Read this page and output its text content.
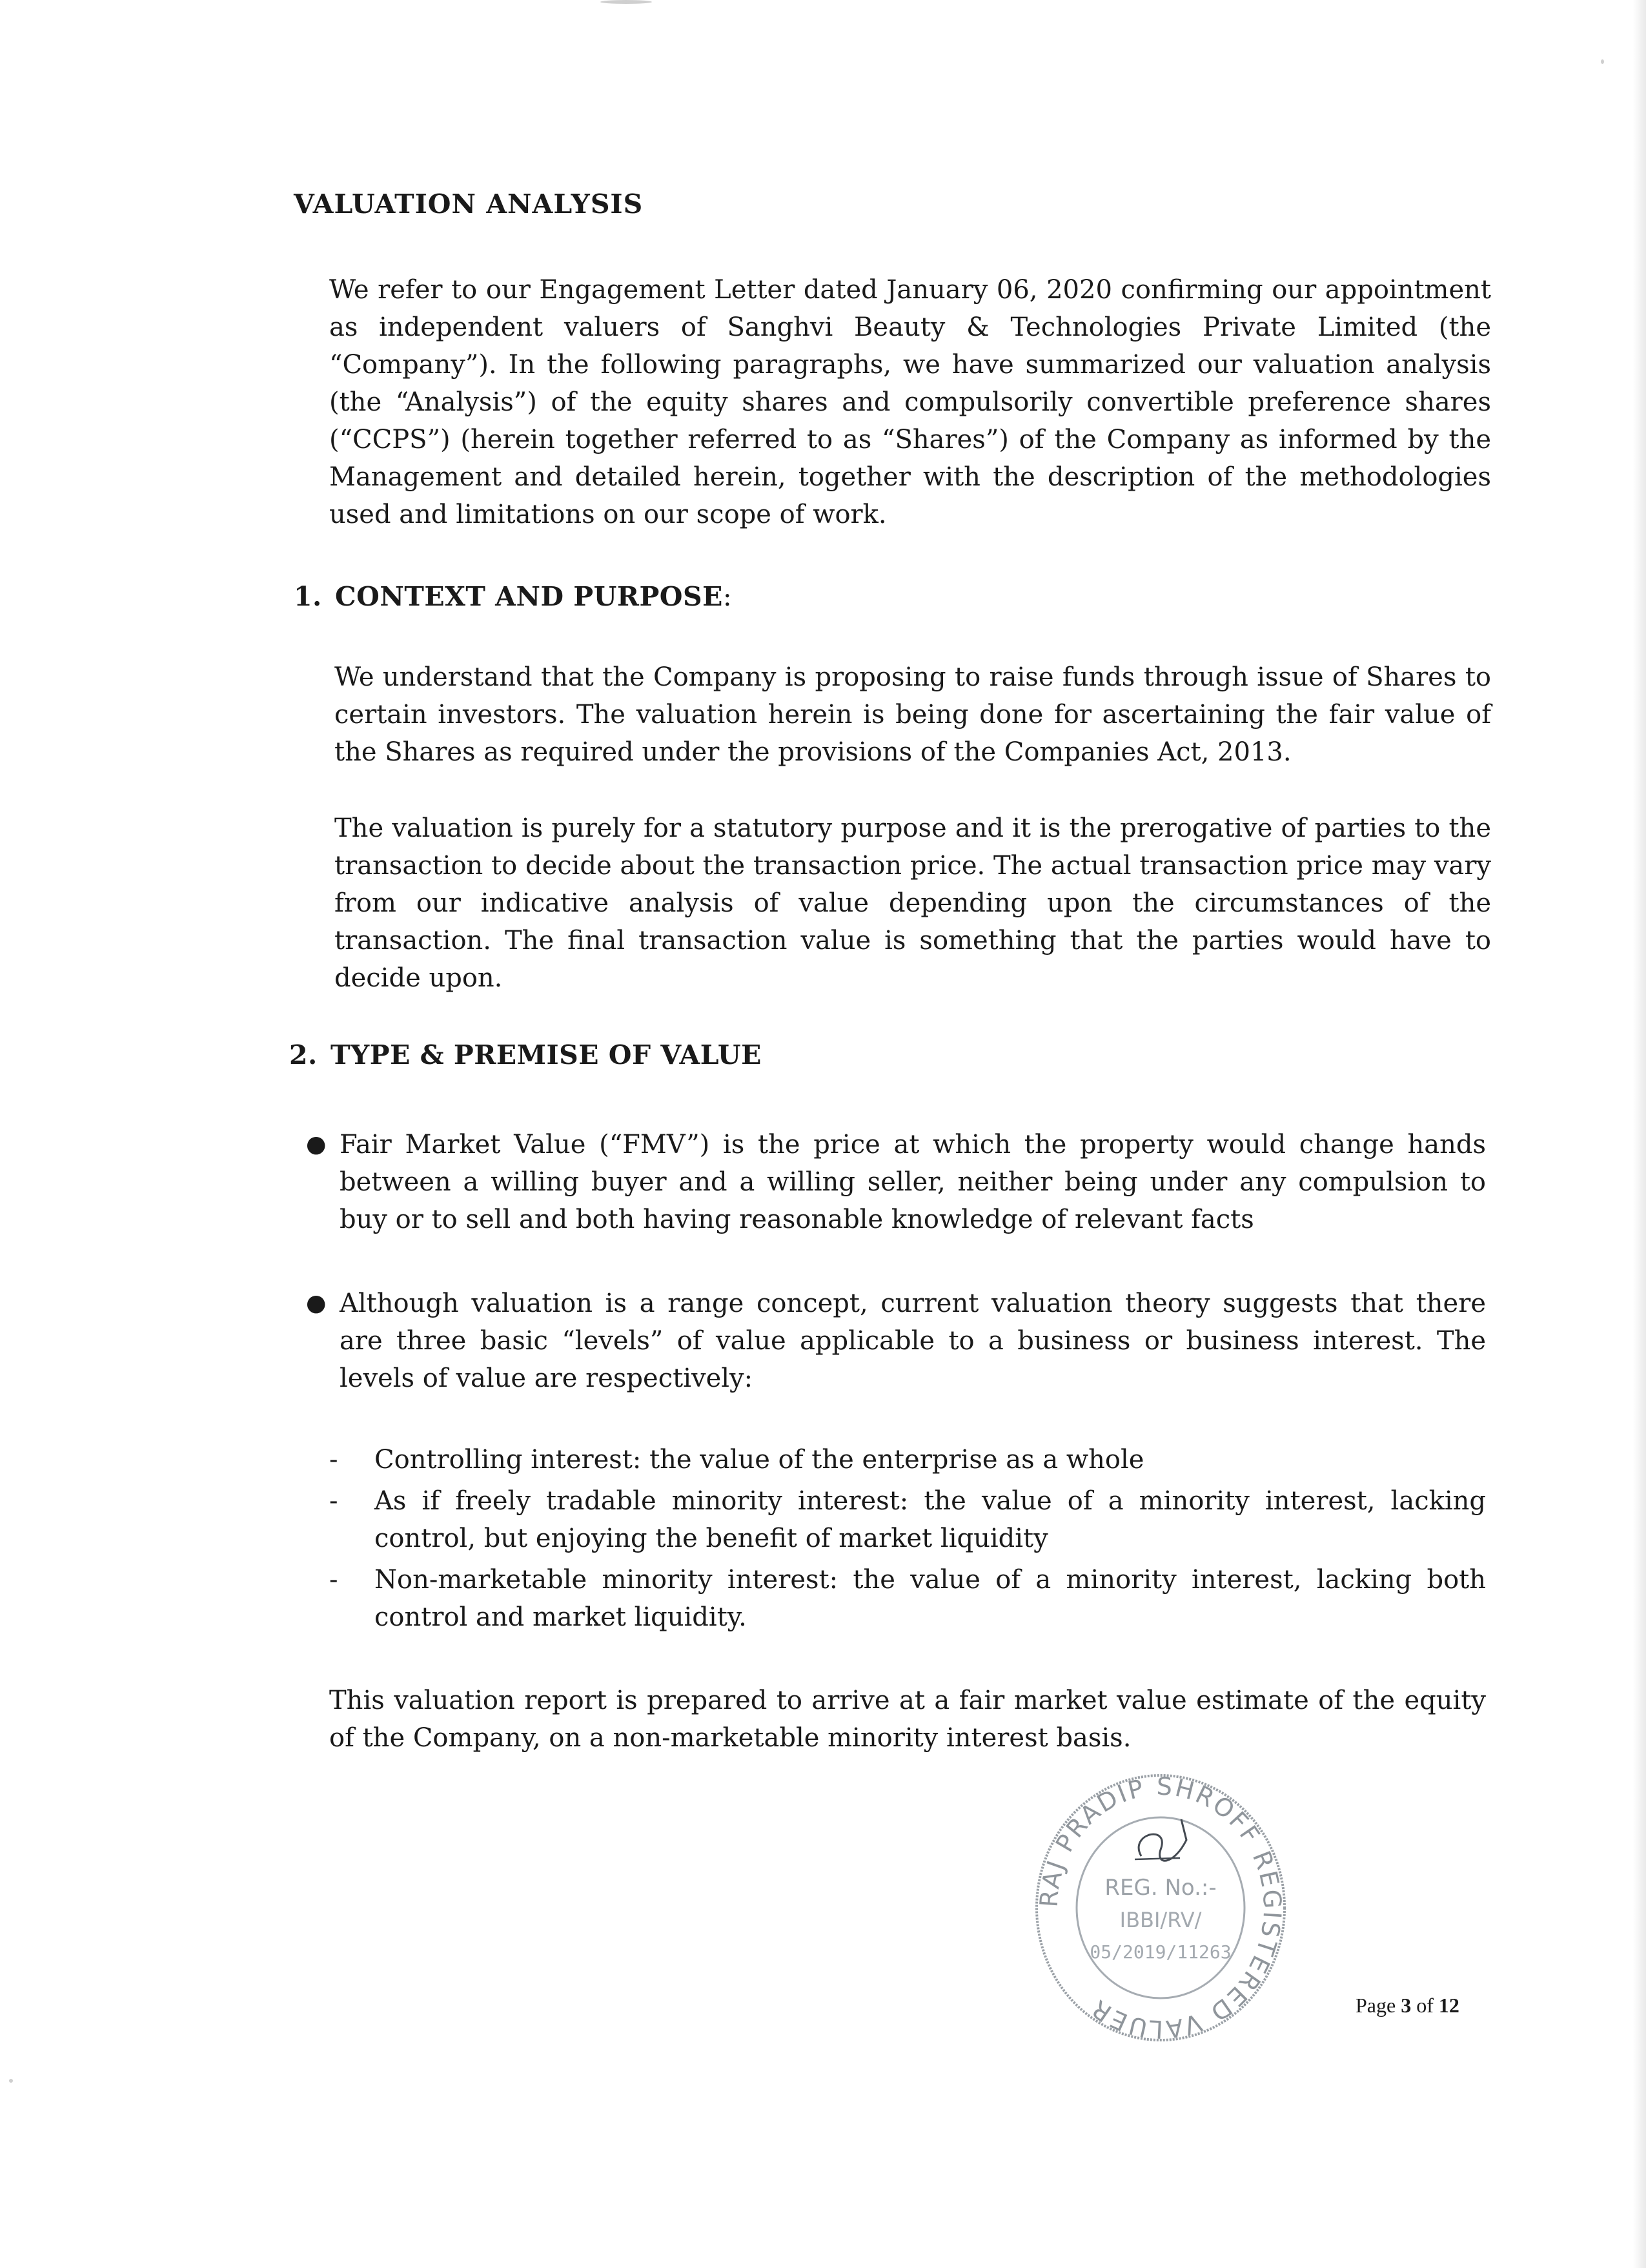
VALUATION ANALYSIS

We refer to our Engagement Letter dated January 06, 2020 confirming our appointment as independent valuers of Sanghvi Beauty & Technologies Private Limited (the “Company”). In the following paragraphs, we have summarized our valuation analysis (the “Analysis”) of the equity shares and compulsorily convertible preference shares (“CCPS”) (herein together referred to as “Shares”) of the Company as informed by the Management and detailed herein, together with the description of the methodologies used and limitations on our scope of work.

1. CONTEXT AND PURPOSE:

We understand that the Company is proposing to raise funds through issue of Shares to certain investors. The valuation herein is being done for ascertaining the fair value of the Shares as required under the provisions of the Companies Act, 2013.

The valuation is purely for a statutory purpose and it is the prerogative of parties to the transaction to decide about the transaction price. The actual transaction price may vary from our indicative analysis of value depending upon the circumstances of the transaction. The final transaction value is something that the parties would have to decide upon.

2. TYPE & PREMISE OF VALUE
● Fair Market Value (“FMV”) is the price at which the property would change hands between a willing buyer and a willing seller, neither being under any compulsion to buy or to sell and both having reasonable knowledge of relevant facts
● Although valuation is a range concept, current valuation theory suggests that there are three basic “levels” of value applicable to a business or business interest. The levels of value are respectively:
- Controlling interest: the value of the enterprise as a whole
- As if freely tradable minority interest: the value of a minority interest, lacking control, but enjoying the benefit of market liquidity
- Non-marketable minority interest: the value of a minority interest, lacking both control and market liquidity.

This valuation report is prepared to arrive at a fair market value estimate of the equity of the Company, on a non-marketable minority interest basis.

RAJ PRADIP SHROFF REGISTERED VALUER
REG. No.:-
IBBI/RV/
05/2019/11263
Page 3 of 12
